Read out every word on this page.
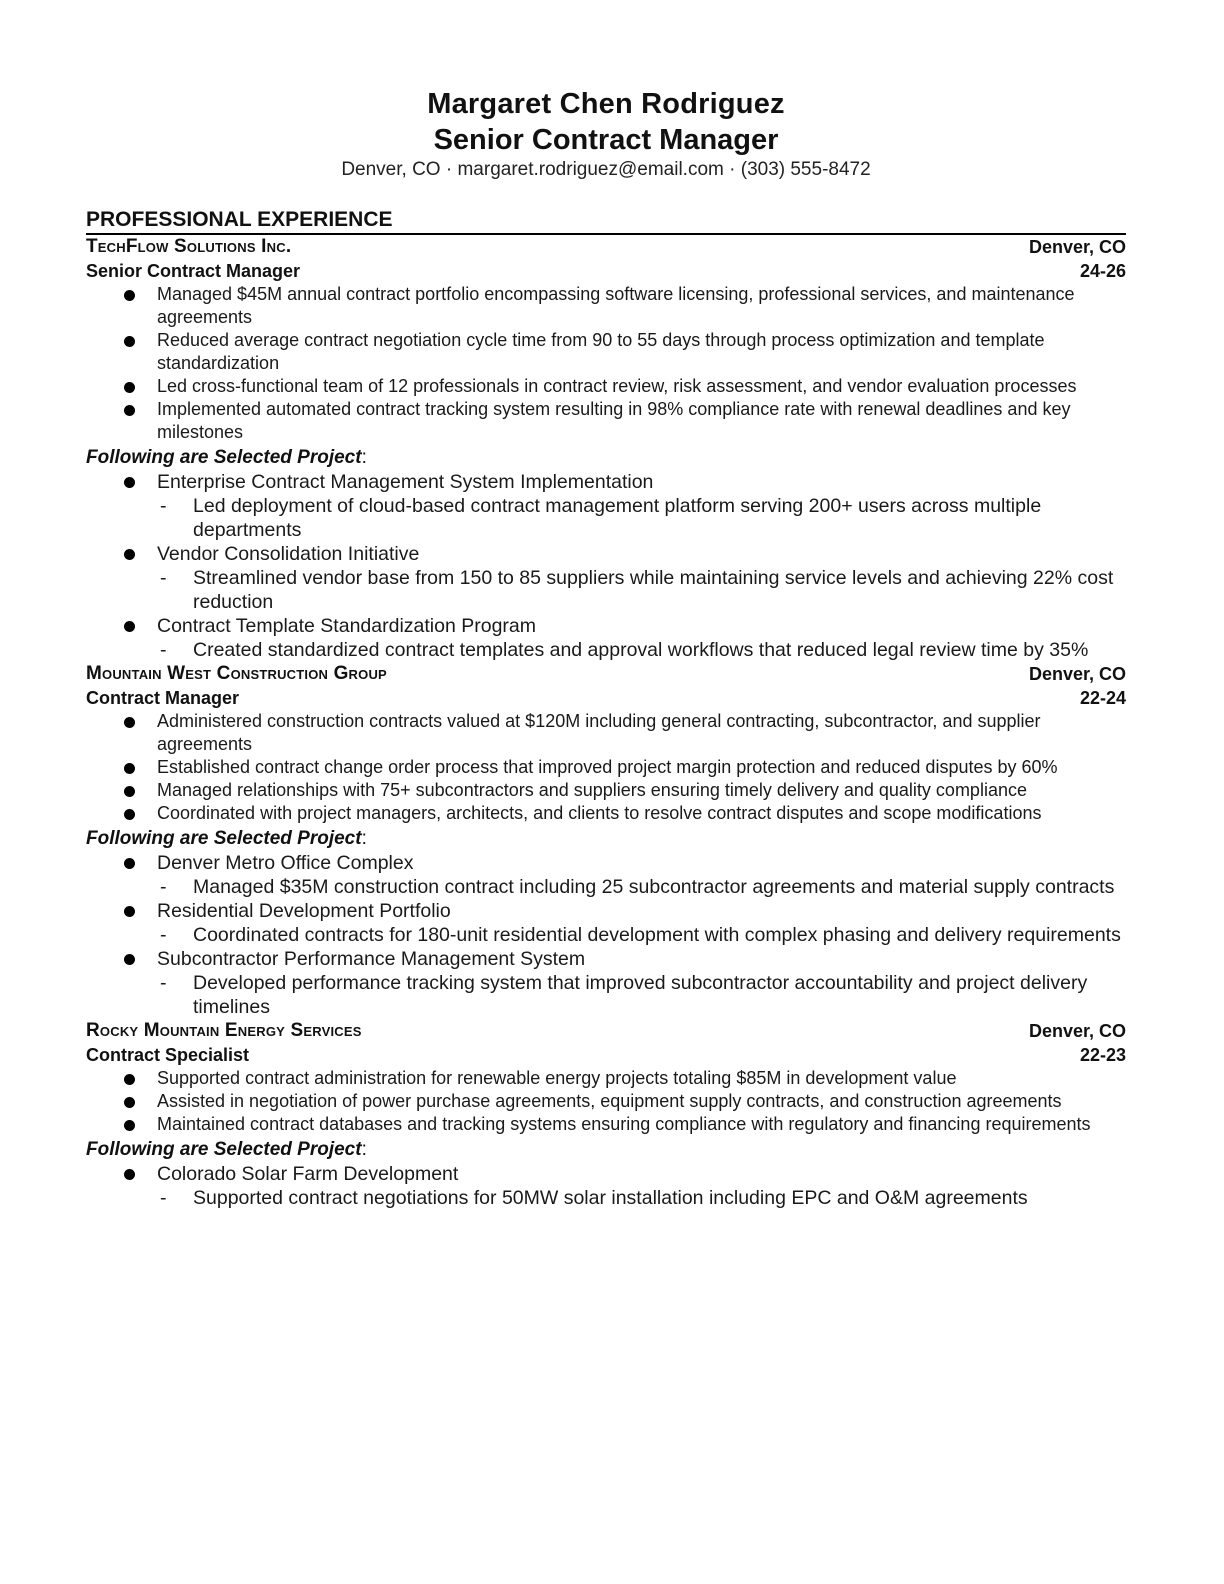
Margaret Chen Rodriguez
Senior Contract Manager
Denver, CO · margaret.rodriguez@email.com · (303) 555-8472
PROFESSIONAL EXPERIENCE
TechFlow Solutions Inc.	Denver, CO
Senior Contract Manager	24-26
Managed $45M annual contract portfolio encompassing software licensing, professional services, and maintenance agreements
Reduced average contract negotiation cycle time from 90 to 55 days through process optimization and template standardization
Led cross-functional team of 12 professionals in contract review, risk assessment, and vendor evaluation processes
Implemented automated contract tracking system resulting in 98% compliance rate with renewal deadlines and key milestones
Following are Selected Project:
Enterprise Contract Management System Implementation
- Led deployment of cloud-based contract management platform serving 200+ users across multiple departments
Vendor Consolidation Initiative
- Streamlined vendor base from 150 to 85 suppliers while maintaining service levels and achieving 22% cost reduction
Contract Template Standardization Program
- Created standardized contract templates and approval workflows that reduced legal review time by 35%
Mountain West Construction Group	Denver, CO
Contract Manager	22-24
Administered construction contracts valued at $120M including general contracting, subcontractor, and supplier agreements
Established contract change order process that improved project margin protection and reduced disputes by 60%
Managed relationships with 75+ subcontractors and suppliers ensuring timely delivery and quality compliance
Coordinated with project managers, architects, and clients to resolve contract disputes and scope modifications
Following are Selected Project:
Denver Metro Office Complex
- Managed $35M construction contract including 25 subcontractor agreements and material supply contracts
Residential Development Portfolio
- Coordinated contracts for 180-unit residential development with complex phasing and delivery requirements
Subcontractor Performance Management System
- Developed performance tracking system that improved subcontractor accountability and project delivery timelines
Rocky Mountain Energy Services	Denver, CO
Contract Specialist	22-23
Supported contract administration for renewable energy projects totaling $85M in development value
Assisted in negotiation of power purchase agreements, equipment supply contracts, and construction agreements
Maintained contract databases and tracking systems ensuring compliance with regulatory and financing requirements
Following are Selected Project:
Colorado Solar Farm Development
- Supported contract negotiations for 50MW solar installation including EPC and O&M agreements
